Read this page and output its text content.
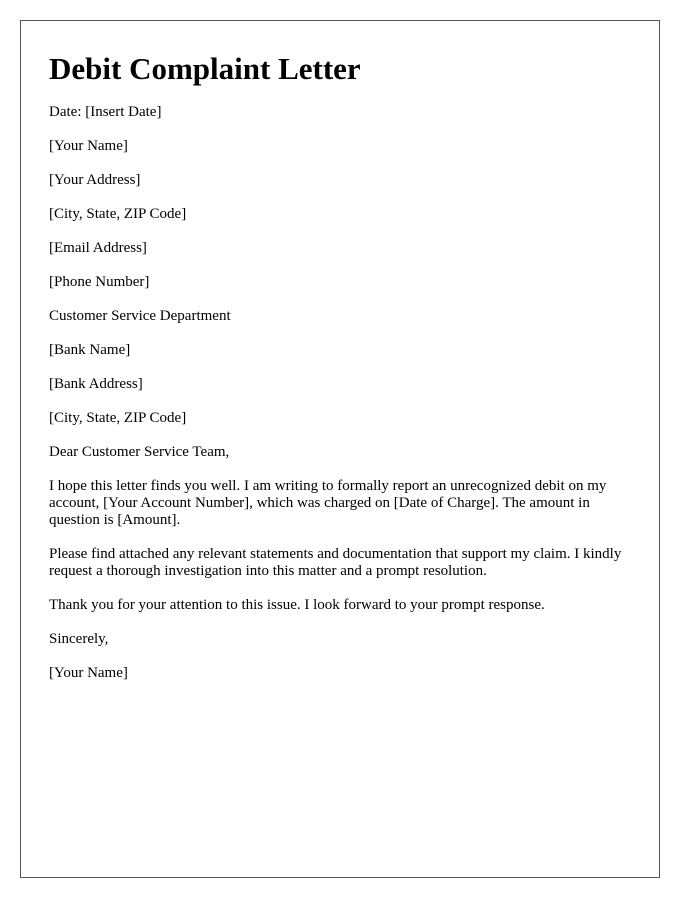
Debit Complaint Letter

Date: [Insert Date]

[Your Name]

[Your Address]

[City, State, ZIP Code]

[Email Address]

[Phone Number]

Customer Service Department

[Bank Name]

[Bank Address]

[City, State, ZIP Code]

Dear Customer Service Team,

I hope this letter finds you well. I am writing to formally report an unrecognized debit on my account, [Your Account Number], which was charged on [Date of Charge]. The amount in question is [Amount].

Please find attached any relevant statements and documentation that support my claim. I kindly request a thorough investigation into this matter and a prompt resolution.

Thank you for your attention to this issue. I look forward to your prompt response.

Sincerely,

[Your Name]
